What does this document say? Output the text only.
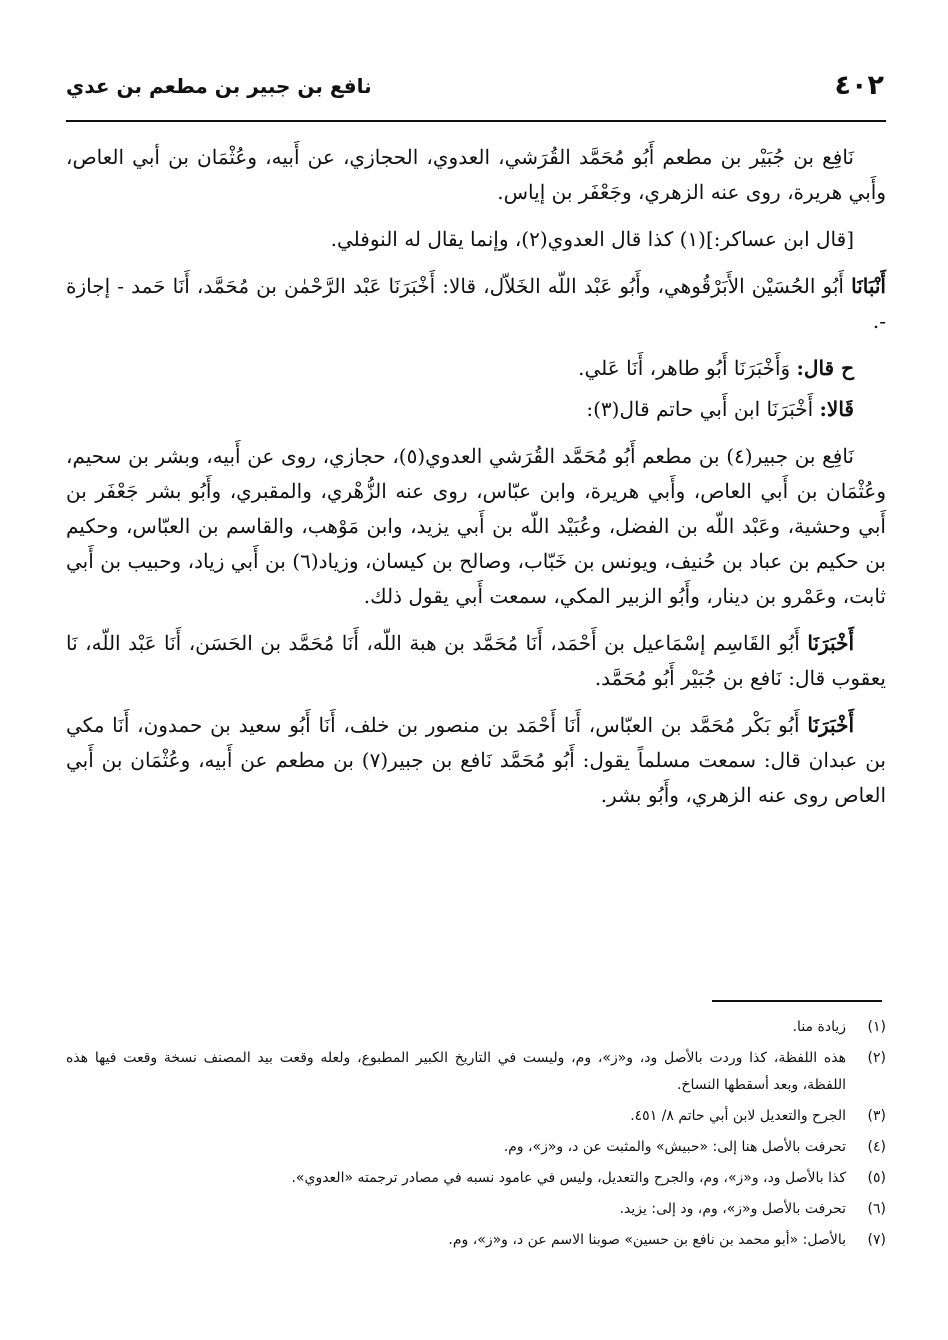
٤٠٢
نافع بن جبير بن مطعم بن عدي

نَافِع بن جُبَيْر بن مطعم أَبُو مُحَمَّد القُرَشي، العدوي، الحجازي، عن أَبيه، وعُثْمَان بن أبي العاص، وأَبي هريرة، روى عنه الزهري، وجَعْفَر بن إياس.

[قال ابن عساكر:](١) كذا قال العدوي(٢)، وإنما يقال له النوفلي.

أَنْبَانَا أَبُو الحُسَيْن الأَبَرْقُوهي، وأَبُو عَبْد اللّه الخَلاّل، قالا: أَخْبَرَنَا عَبْد الرَّحْمٰن بن مُحَمَّد، أَنَا حَمد - إجازة -.

ح قال: وَأَخْبَرَنَا أَبُو طاهر، أَنَا عَلي.

قَالا: أَخْبَرَنَا ابن أَبي حاتم قال(٣):

نَافِع بن جبير(٤) بن مطعم أَبُو مُحَمَّد القُرَشي العدوي(٥)، حجازي، روى عن أَبيه، وبشر بن سحيم، وعُثْمَان بن أَبي العاص، وأَبي هريرة، وابن عبّاس، روى عنه الزُّهْري، والمقبري، وأَبُو بشر جَعْفَر بن أَبي وحشية، وعَبْد اللّه بن الفضل، وعُبَيْد اللّه بن أَبي يزيد، وابن مَوْهب، والقاسم بن العبّاس، وحكيم بن حكيم بن عباد بن حُنيف، ويونس بن خَبّاب، وصالح بن كيسان، وزياد(٦) بن أَبي زياد، وحبيب بن أَبي ثابت، وعَمْرو بن دينار، وأَبُو الزبير المكي، سمعت أَبي يقول ذلك.

أَخْبَرَنَا أَبُو القَاسِم إسْمَاعيل بن أَحْمَد، أَنَا مُحَمَّد بن هبة اللّه، أَنَا مُحَمَّد بن الحَسَن، أَنَا عَبْد اللّه، نَا يعقوب قال: نَافع بن جُبَيْر أَبُو مُحَمَّد.

أَخْبَرَنَا أَبُو بَكْر مُحَمَّد بن العبّاس، أَنَا أَحْمَد بن منصور بن خلف، أَنَا أَبُو سعيد بن حمدون، أَنَا مكي بن عبدان قال: سمعت مسلماً يقول: أَبُو مُحَمَّد نَافع بن جبير(٧) بن مطعم عن أَبيه، وعُثْمَان بن أَبي العاص روى عنه الزهري، وأَبُو بشر.

(١)
زيادة منا.
(٢)
هذه اللفظة، كذا وردت بالأصل ود، و«ز»، وم، وليست في التاريخ الكبير المطبوع، ولعله وقعت بيد المصنف نسخة وقعت فيها هذه اللفظة، وبعد أسقطها النساخ.
(٣)
الجرح والتعديل لابن أبي حاتم ٨/ ٤٥١.
(٤)
تحرفت بالأصل هنا إلى: «حبيش» والمثبت عن د، و«ز»، وم.
(٥)
كذا بالأصل ود، و«ز»، وم، والجرح والتعديل، وليس في عامود نسبه في مصادر ترجمته «العدوي».
(٦)
تحرفت بالأصل و«ز»، وم، ود إلى: يزيد.
(٧)
بالأصل: «أبو محمد بن نافع بن حسين» صوبنا الاسم عن د، و«ز»، وم.
